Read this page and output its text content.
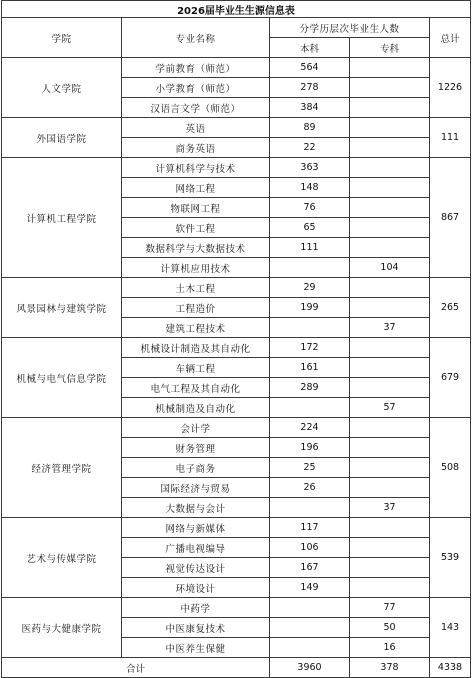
2026届毕业生生源信息表				
学院	专业名称	分学历层次毕业生人数		总计
		本科	专科	
人文学院	学前教育（师范）	564		1226
	小学教育（师范）	278		
	汉语言文学（师范）	384		
外国语学院	英语	89		111
	商务英语	22		
计算机工程学院	计算机科学与技术	363		867
	网络工程	148		
	物联网工程	76		
	软件工程	65		
	数据科学与大数据技术	111		
	计算机应用技术		104	
风景园林与建筑学院	土木工程	29		265
	工程造价	199		
	建筑工程技术		37	
机械与电气信息学院	机械设计制造及其自动化	172		679
	车辆工程	161		
	电气工程及其自动化	289		
	机械制造及自动化		57	
经济管理学院	会计学	224		508
	财务管理	196		
	电子商务	25		
	国际经济与贸易	26		
	大数据与会计		37	
艺术与传媒学院	网络与新媒体	117		539
	广播电视编导	106		
	视觉传达设计	167		
	环境设计	149		
医药与大健康学院	中药学		77	143
	中医康复技术		50	
	中医养生保健		16	
合计		3960	378	4338
